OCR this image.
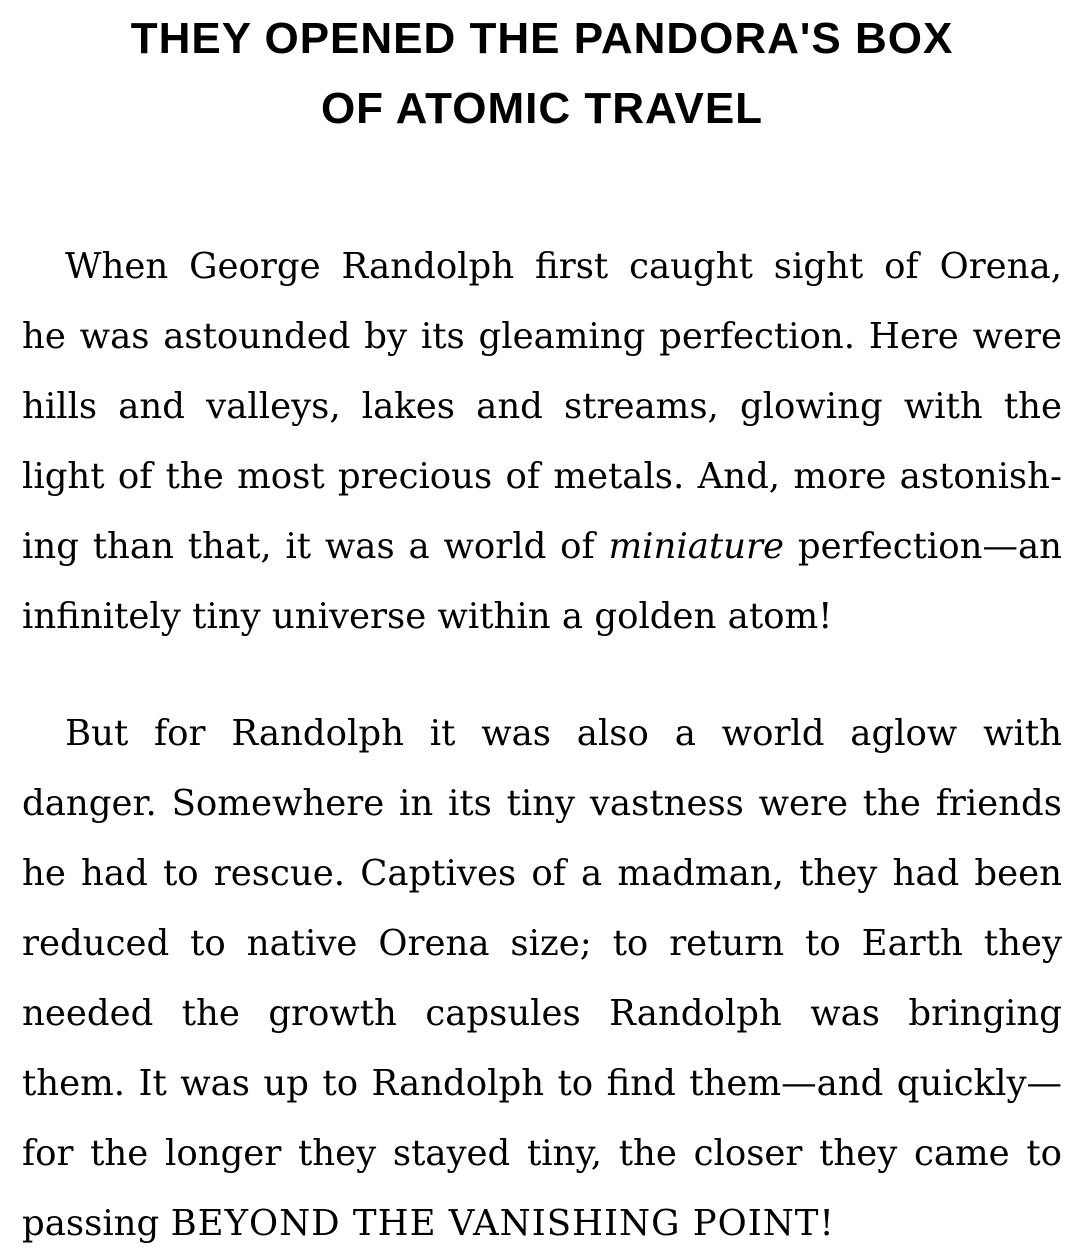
THEY OPENED THE PANDORA'S BOX
OF ATOMIC TRAVEL
When George Randolph first caught sight of Orena,
he was astounded by its gleaming perfection. Here were
hills and valleys, lakes and streams, glowing with the
light of the most precious of metals. And, more astonish-
ing than that, it was a world of miniature perfection—an
infinitely tiny universe within a golden atom!
But for Randolph it was also a world aglow with
danger. Somewhere in its tiny vastness were the friends
he had to rescue. Captives of a madman, they had been
reduced to native Orena size; to return to Earth they
needed the growth capsules Randolph was bringing
them. It was up to Randolph to find them—and quickly—
for the longer they stayed tiny, the closer they came to
passing BEYOND THE VANISHING POINT!
